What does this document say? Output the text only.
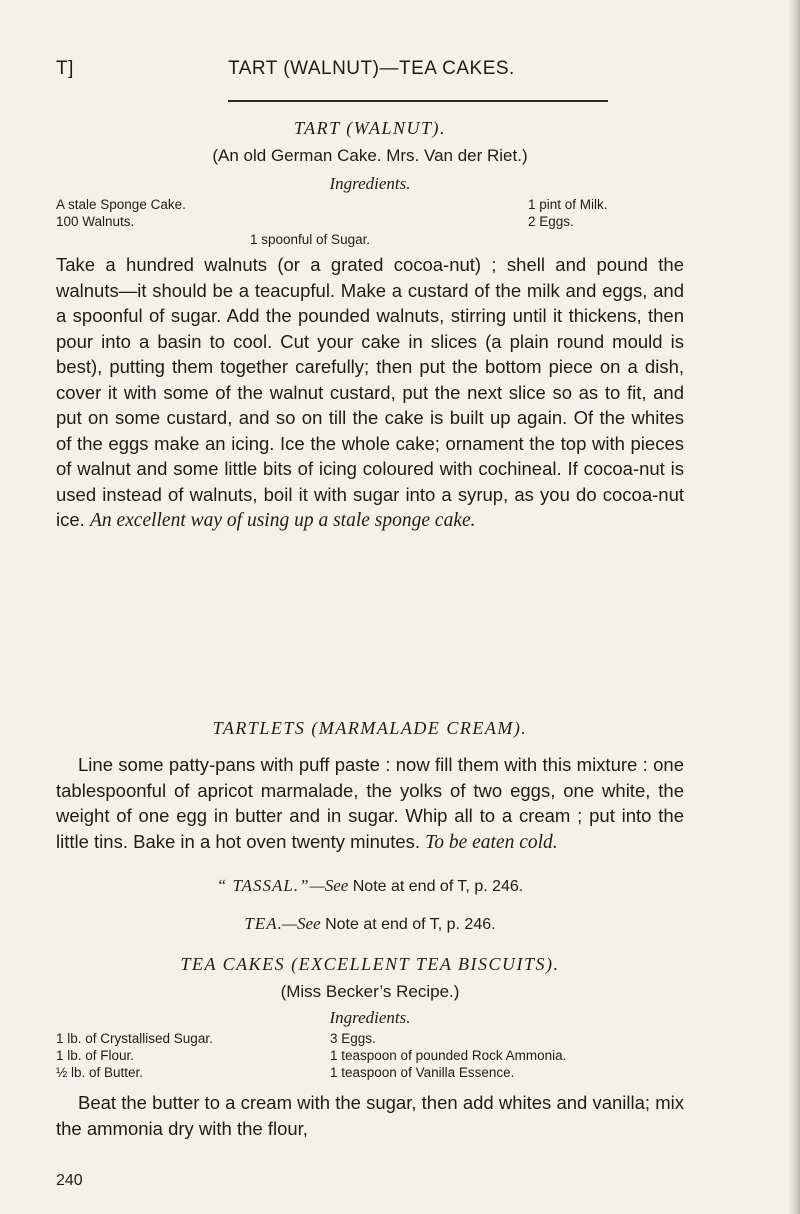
T]	TART (WALNUT)—TEA CAKES.
TART (WALNUT).
(An old German Cake. Mrs. Van der Riet.)
Ingredients.
A stale Sponge Cake.
100 Walnuts.
1 pint of Milk.
2 Eggs.
1 spoonful of Sugar.
Take a hundred walnuts (or a grated cocoa-nut) ; shell and pound the walnuts—it should be a teacupful. Make a custard of the milk and eggs, and a spoonful of sugar. Add the pounded walnuts, stirring until it thickens, then pour into a basin to cool. Cut your cake in slices (a plain round mould is best), putting them together carefully; then put the bottom piece on a dish, cover it with some of the walnut custard, put the next slice so as to fit, and put on some custard, and so on till the cake is built up again. Of the whites of the eggs make an icing. Ice the whole cake; ornament the top with pieces of walnut and some little bits of icing coloured with cochineal. If cocoa-nut is used instead of walnuts, boil it with sugar into a syrup, as you do cocoa-nut ice. An excellent way of using up a stale sponge cake.
TARTLETS (MARMALADE CREAM).
Line some patty-pans with puff paste : now fill them with this mixture : one tablespoonful of apricot marmalade, the yolks of two eggs, one white, the weight of one egg in butter and in sugar. Whip all to a cream ; put into the little tins. Bake in a hot oven twenty minutes. To be eaten cold.
“ TASSAL.”—See Note at end of T, p. 246.
TEA.—See Note at end of T, p. 246.
TEA CAKES (EXCELLENT TEA BISCUITS).
(Miss Becker’s Recipe.)
Ingredients.
1 lb. of Crystallised Sugar.
1 lb. of Flour.
½ lb. of Butter.
3 Eggs.
1 teaspoon of pounded Rock Ammonia.
1 teaspoon of Vanilla Essence.
Beat the butter to a cream with the sugar, then add whites and vanilla; mix the ammonia dry with the flour,
240
